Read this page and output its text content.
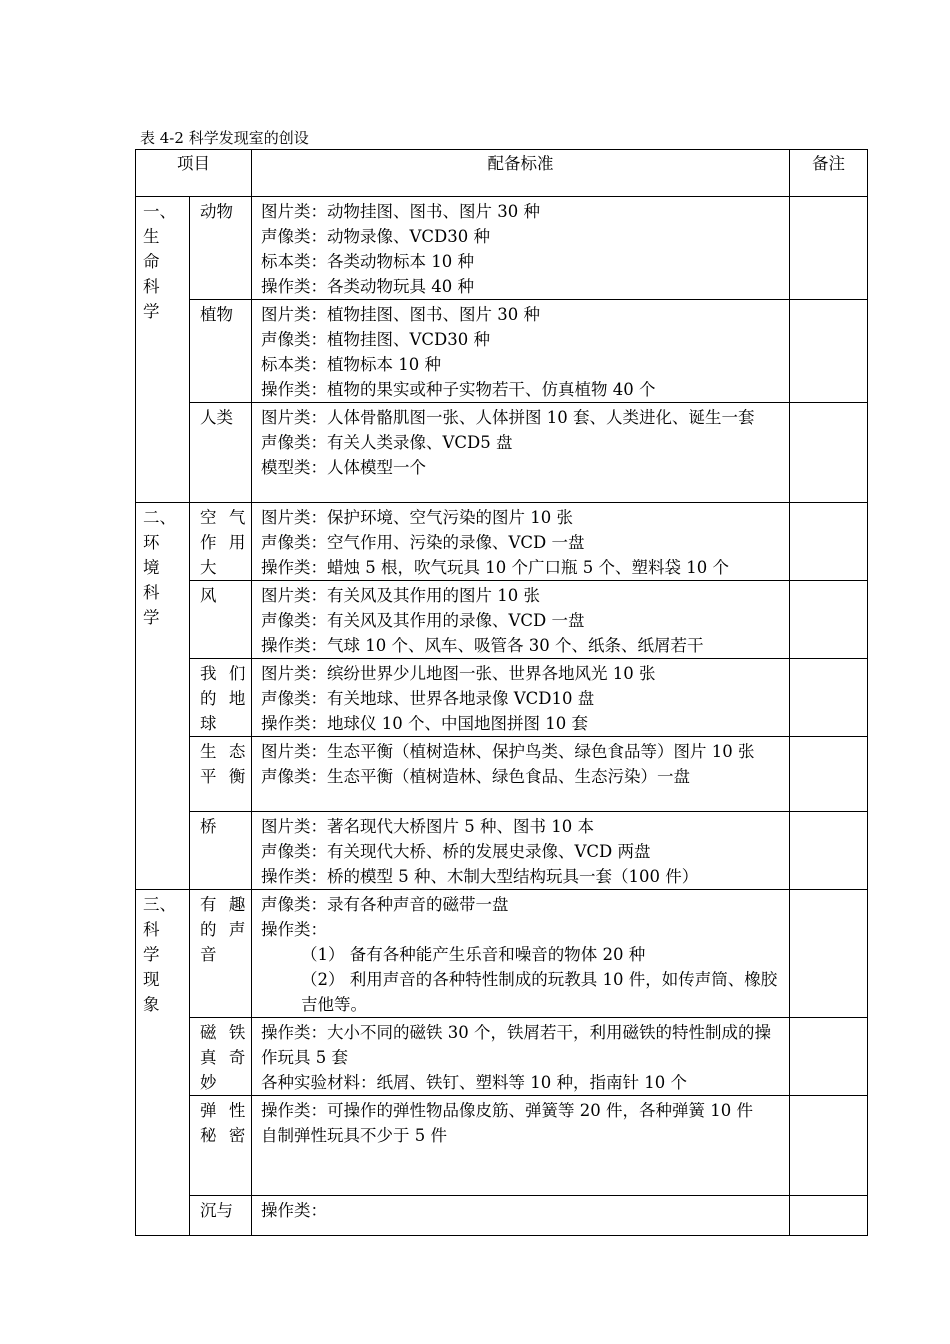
表 4-2 科学发现室的创设
项目		配备标准	备注

一、生命科学	动物	图片类：动物挂图、图书、图片 30 种

声像类：动物录像、VCD30 种

标本类：各类动物标本 10 种

操作类：各类动物玩具 40 种	

	植物	图片类：植物挂图、图书、图片 30 种

声像类：植物挂图、VCD30 种

标本类：植物标本 10 种

操作类：植物的果实或种子实物若干、仿真植物 40 个	

	人类	图片类：人体骨骼肌图一张、人体拼图 10 套、人类进化、诞生一套

声像类：有关人类录像、VCD5 盘

模型类：人体模型一个	

二、环境科学	空气作用大	图片类：保护环境、空气污染的图片 10 张

声像类：空气作用、污染的录像、VCD 一盘

操作类：蜡烛 5 根，吹气玩具 10 个广口瓶 5 个、塑料袋 10 个	

	风	图片类：有关风及其作用的图片 10 张

声像类：有关风及其作用的录像、VCD 一盘

操作类：气球 10 个、风车、吸管各 30 个、纸条、纸屑若干	

	我们的地球	图片类：缤纷世界少儿地图一张、世界各地风光 10 张

声像类：有关地球、世界各地录像 VCD10 盘

操作类：地球仪 10 个、中国地图拼图 10 套	

	生态平衡	图片类：生态平衡（植树造林、保护鸟类、绿色食品等）图片 10 张

声像类：生态平衡（植树造林、绿色食品、生态污染）一盘	

	桥	图片类：著名现代大桥图片 5 种、图书 10 本

声像类：有关现代大桥、桥的发展史录像、VCD 两盘

操作类：桥的模型 5 种、木制大型结构玩具一套（100 件）	

三、科学现象	有趣的声音	声像类：录有各种声音的磁带一盘

操作类：

（1） 备有各种能产生乐音和噪音的物体 20 种

（2） 利用声音的各种特性制成的玩教具 10 件，如传声筒、橡胶吉他等。	

	磁铁真奇妙	操作类：大小不同的磁铁 30 个，铁屑若干，利用磁铁的特性制成的操作玩具 5 套

各种实验材料：纸屑、铁钉、塑料等 10 种，指南针 10 个	

	弹性秘密	操作类：可操作的弹性物品像皮筋、弹簧等 20 件，各种弹簧 10 件

自制弹性玩具不少于 5 件	

	沉与	操作类：	
